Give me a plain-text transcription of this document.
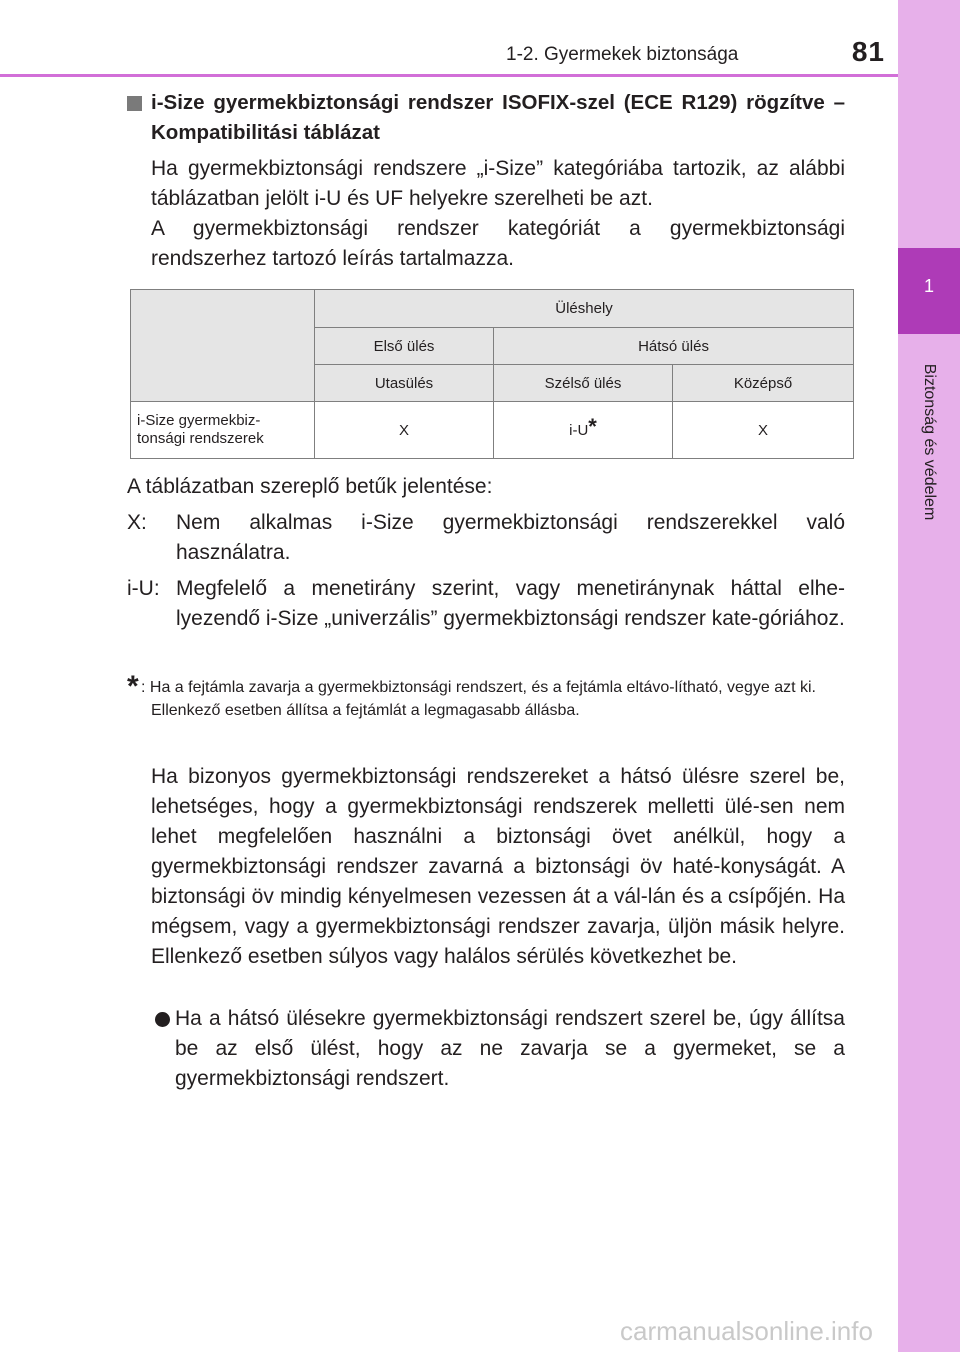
1-2. Gyermekek biztonsága	81
1
Biztonság és védelem
i-Size gyermekbiztonsági rendszer ISOFIX-szel (ECE R129) rögzítve – Kompatibilitási táblázat
Ha gyermekbiztonsági rendszere „i-Size” kategóriába tartozik, az alábbi táblázatban jelölt i-U és UF helyekre szerelheti be azt.
A gyermekbiztonsági rendszer kategóriát a gyermekbiztonsági rendszerhez tartozó leírás tartalmazza.
	Üléshely		
	Első ülés	Hátsó ülés	
	Utasülés	Szélső ülés	Középső

i-Size gyermekbiz-
tonsági rendszerek	X	i-U*	X
A táblázatban szereplő betűk jelentése:
X: Nem alkalmas i-Size gyermekbiztonsági rendszerekkel való használatra.
i-U: Megfelelő a menetirány szerint, vagy menetiránynak háttal elhe-lyezendő i-Size „univerzális” gyermekbiztonsági rendszer kate-góriához.
* : Ha a fejtámla zavarja a gyermekbiztonsági rendszert, és a fejtámla eltávo-lítható, vegye azt ki.
Ellenkező esetben állítsa a fejtámlát a legmagasabb állásba.
Ha bizonyos gyermekbiztonsági rendszereket a hátsó ülésre szerel be, lehetséges, hogy a gyermekbiztonsági rendszerek melletti ülé-sen nem lehet megfelelően használni a biztonsági övet anélkül, hogy a gyermekbiztonsági rendszer zavarná a biztonsági öv haté-konyságát. A biztonsági öv mindig kényelmesen vezessen át a vál-lán és a csípőjén. Ha mégsem, vagy a gyermekbiztonsági rendszer zavarja, üljön másik helyre. Ellenkező esetben súlyos vagy halálos sérülés következhet be.
Ha a hátsó ülésekre gyermekbiztonsági rendszert szerel be, úgy állítsa be az első ülést, hogy az ne zavarja se a gyermeket, se a gyermekbiztonsági rendszert.
carmanualsonline.info
